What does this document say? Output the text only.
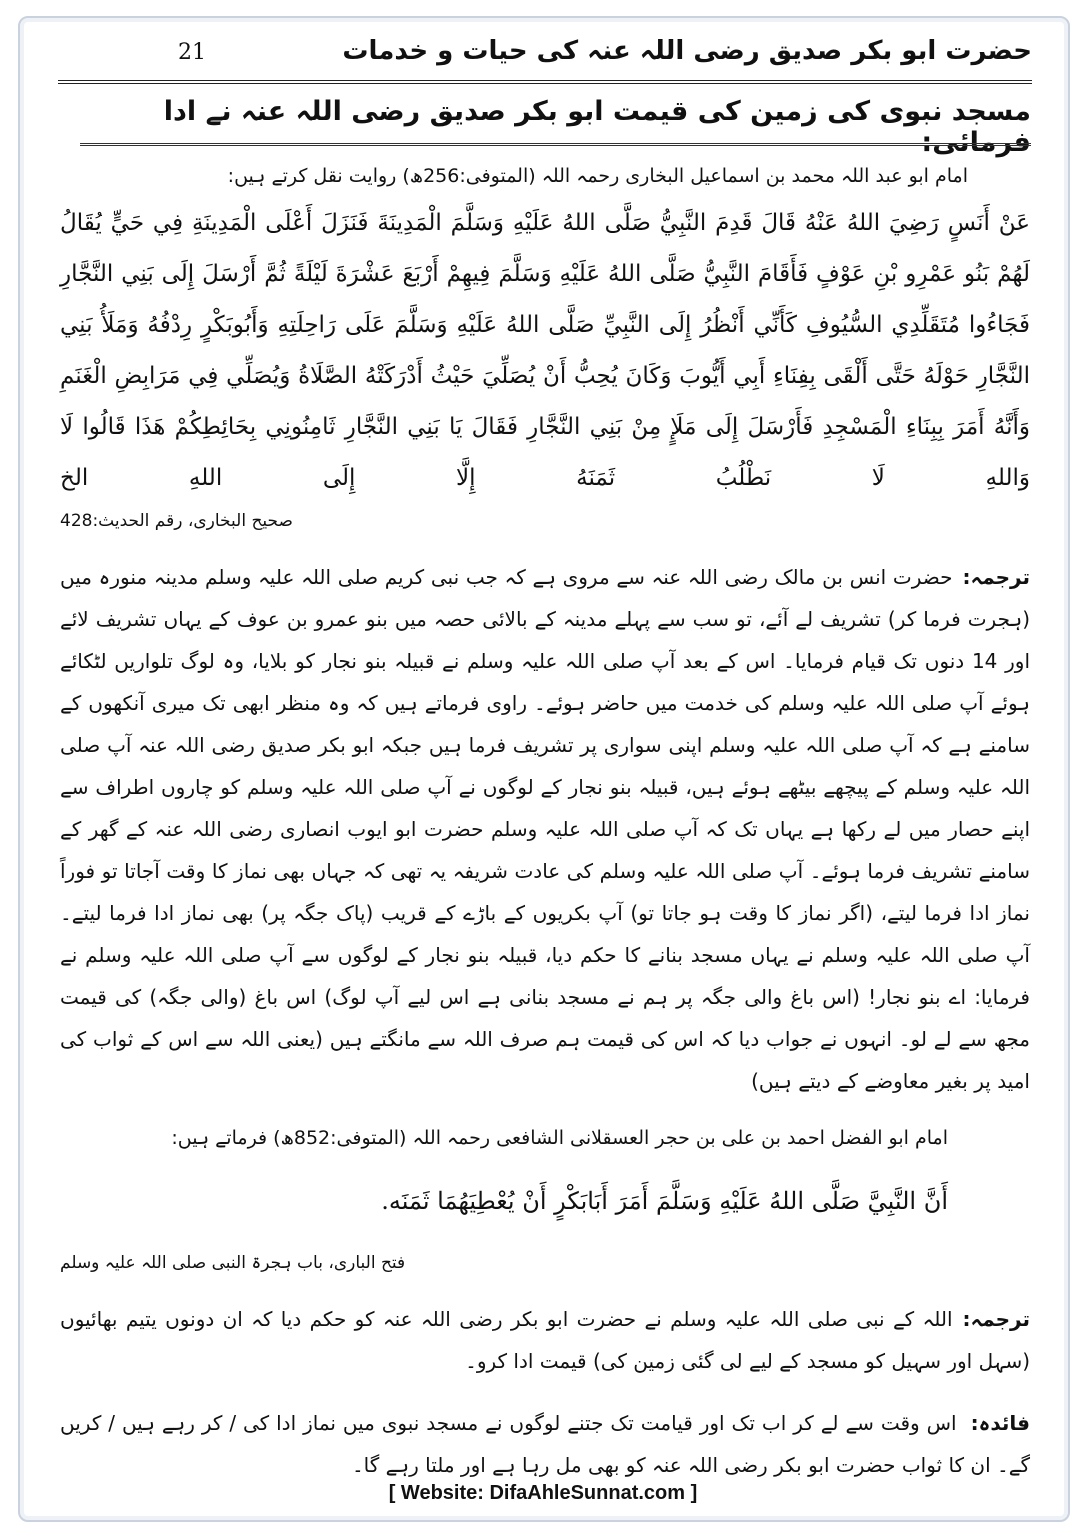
حضرت ابو بکر صدیق رضی اللہ عنہ کی حیات و خدمات
21
مسجد نبوی کی زمین کی قیمت ابو بکر صدیق رضی اللہ عنہ نے ادا فرمائی:

امام ابو عبد اللہ محمد بن اسماعیل البخاری رحمہ اللہ (المتوفی:256ھ) روایت نقل کرتے ہیں:

عَنْ أَنَسٍ رَضِيَ اللهُ عَنْهُ قَالَ قَدِمَ النَّبِيُّ صَلَّى اللهُ عَلَيْهِ وَسَلَّمَ الْمَدِينَةَ فَنَزَلَ أَعْلَى الْمَدِينَةِ فِي حَيٍّ يُقَالُ لَهُمْ بَنُو عَمْرِو بْنِ عَوْفٍ فَأَقَامَ النَّبِيُّ صَلَّى اللهُ عَلَيْهِ وَسَلَّمَ فِيهِمْ أَرْبَعَ عَشْرَةَ لَيْلَةً ثُمَّ أَرْسَلَ إِلَى بَنِي النَّجَّارِ فَجَاءُوا مُتَقَلِّدِي السُّيُوفِ كَأَنِّي أَنْظُرُ إِلَى النَّبِيِّ صَلَّى اللهُ عَلَيْهِ وَسَلَّمَ عَلَى رَاحِلَتِهِ وَأَبُوبَكْرٍ رِدْفُهُ وَمَلَأُ بَنِي النَّجَّارِ حَوْلَهُ حَتَّى أَلْقَى بِفِنَاءِ أَبِي أَيُّوبَ وَكَانَ يُحِبُّ أَنْ يُصَلِّيَ حَيْثُ أَدْرَكَتْهُ الصَّلَاةُ وَيُصَلِّي فِي مَرَابِضِ الْغَنَمِ وَأَنَّهُ أَمَرَ بِبِنَاءِ الْمَسْجِدِ فَأَرْسَلَ إِلَى مَلَإٍ مِنْ بَنِي النَّجَّارِ فَقَالَ يَا بَنِي النَّجَّارِ ثَامِنُونِي بِحَائِطِكُمْ هَذَا قَالُوا لَا وَاللهِ لَا نَطْلُبُ ثَمَنَهُ إِلَّا إِلَى اللهِ الخ

صحیح البخاری، رقم الحدیث:428

ترجمہ:حضرت انس بن مالک رضی اللہ عنہ سے مروی ہے کہ جب نبی کریم صلی اللہ علیہ وسلم مدینہ منورہ میں (ہجرت فرما کر) تشریف لے آئے، تو سب سے پہلے مدینہ کے بالائی حصہ میں بنو عمرو بن عوف کے یہاں تشریف لائے اور 14 دنوں تک قیام فرمایا۔ اس کے بعد آپ صلی اللہ علیہ وسلم نے قبیلہ بنو نجار کو بلایا، وہ لوگ تلواریں لٹکائے ہوئے آپ صلی اللہ علیہ وسلم کی خدمت میں حاضر ہوئے۔ راوی فرماتے ہیں کہ وہ منظر ابھی تک میری آنکھوں کے سامنے ہے کہ آپ صلی اللہ علیہ وسلم اپنی سواری پر تشریف فرما ہیں جبکہ ابو بکر صدیق رضی اللہ عنہ آپ صلی اللہ علیہ وسلم کے پیچھے بیٹھے ہوئے ہیں، قبیلہ بنو نجار کے لوگوں نے آپ صلی اللہ علیہ وسلم کو چاروں اطراف سے اپنے حصار میں لے رکھا ہے یہاں تک کہ آپ صلی اللہ علیہ وسلم حضرت ابو ایوب انصاری رضی اللہ عنہ کے گھر کے سامنے تشریف فرما ہوئے۔ آپ صلی اللہ علیہ وسلم کی عادت شریفہ یہ تھی کہ جہاں بھی نماز کا وقت آجاتا تو فوراً نماز ادا فرما لیتے، (اگر نماز کا وقت ہو جاتا تو) آپ بکریوں کے باڑے کے قریب (پاک جگہ پر) بھی نماز ادا فرما لیتے۔ آپ صلی اللہ علیہ وسلم نے یہاں مسجد بنانے کا حکم دیا، قبیلہ بنو نجار کے لوگوں سے آپ صلی اللہ علیہ وسلم نے فرمایا: اے بنو نجار! (اس باغ والی جگہ پر ہم نے مسجد بنانی ہے اس لیے آپ لوگ) اس باغ (والی جگہ) کی قیمت مجھ سے لے لو۔ انہوں نے جواب دیا کہ اس کی قیمت ہم صرف اللہ سے مانگتے ہیں (یعنی اللہ سے اس کے ثواب کی امید پر بغیر معاوضے کے دیتے ہیں)

امام ابو الفضل احمد بن علی بن حجر العسقلانی الشافعی رحمہ اللہ (المتوفی:852ھ) فرماتے ہیں:

أَنَّ النَّبِيَّ صَلَّى اللهُ عَلَيْهِ وَسَلَّمَ أَمَرَ أَبَابَكْرٍ أَنْ يُعْطِيَهُمَا ثَمَنَه.

فتح الباری، باب ہجرۃ النبی صلی اللہ علیہ وسلم

ترجمہ:اللہ کے نبی صلی اللہ علیہ وسلم نے حضرت ابو بکر رضی اللہ عنہ کو حکم دیا کہ ان دونوں یتیم بھائیوں (سہل اور سہیل کو مسجد کے لیے لی گئی زمین کی) قیمت ادا کرو۔

فائدہ:اس وقت سے لے کر اب تک اور قیامت تک جتنے لوگوں نے مسجد نبوی میں نماز ادا کی / کر رہے ہیں / کریں گے۔ ان کا ثواب حضرت ابو بکر رضی اللہ عنہ کو بھی مل رہا ہے اور ملتا رہے گا۔

[ Website: DifaAhleSunnat.com ]
